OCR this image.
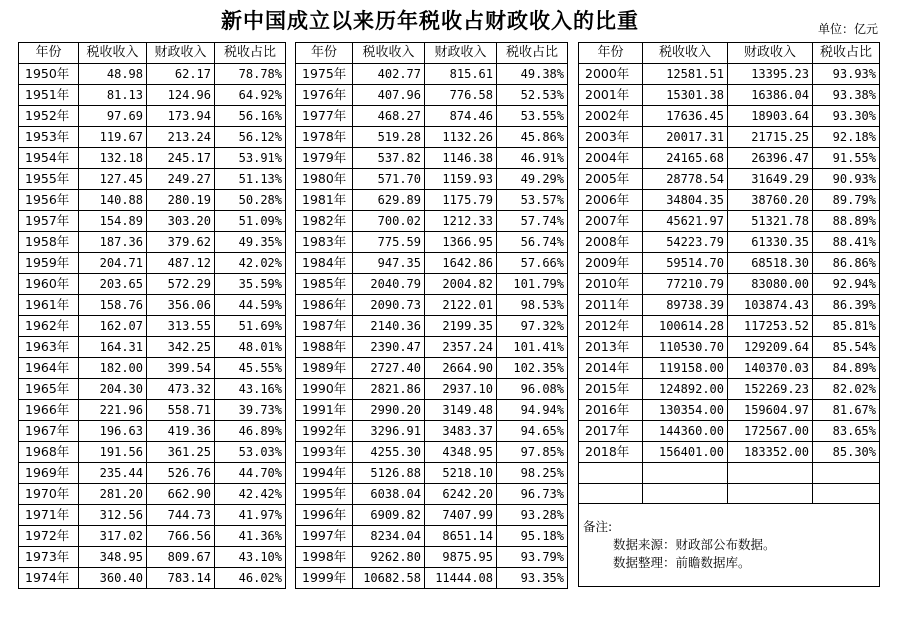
新中国成立以来历年税收占财政收入的比重	单位：亿元
年份	税收收入	财政收入	税收占比
1950年	48.98	62.17	78.78%
1951年	81.13	124.96	64.92%
1952年	97.69	173.94	56.16%
1953年	119.67	213.24	56.12%
1954年	132.18	245.17	53.91%
1955年	127.45	249.27	51.13%
1956年	140.88	280.19	50.28%
1957年	154.89	303.20	51.09%
1958年	187.36	379.62	49.35%
1959年	204.71	487.12	42.02%
1960年	203.65	572.29	35.59%
1961年	158.76	356.06	44.59%
1962年	162.07	313.55	51.69%
1963年	164.31	342.25	48.01%
1964年	182.00	399.54	45.55%
1965年	204.30	473.32	43.16%
1966年	221.96	558.71	39.73%
1967年	196.63	419.36	46.89%
1968年	191.56	361.25	53.03%
1969年	235.44	526.76	44.70%
1970年	281.20	662.90	42.42%
1971年	312.56	744.73	41.97%
1972年	317.02	766.56	41.36%
1973年	348.95	809.67	43.10%
1974年	360.40	783.14	46.02%
年份	税收收入	财政收入	税收占比
1975年	402.77	815.61	49.38%
1976年	407.96	776.58	52.53%
1977年	468.27	874.46	53.55%
1978年	519.28	1132.26	45.86%
1979年	537.82	1146.38	46.91%
1980年	571.70	1159.93	49.29%
1981年	629.89	1175.79	53.57%
1982年	700.02	1212.33	57.74%
1983年	775.59	1366.95	56.74%
1984年	947.35	1642.86	57.66%
1985年	2040.79	2004.82	101.79%
1986年	2090.73	2122.01	98.53%
1987年	2140.36	2199.35	97.32%
1988年	2390.47	2357.24	101.41%
1989年	2727.40	2664.90	102.35%
1990年	2821.86	2937.10	96.08%
1991年	2990.20	3149.48	94.94%
1992年	3296.91	3483.37	94.65%
1993年	4255.30	4348.95	97.85%
1994年	5126.88	5218.10	98.25%
1995年	6038.04	6242.20	96.73%
1996年	6909.82	7407.99	93.28%
1997年	8234.04	8651.14	95.18%
1998年	9262.80	9875.95	93.79%
1999年	10682.58	11444.08	93.35%
年份	税收收入	财政收入	税收占比
2000年	12581.51	13395.23	93.93%
2001年	15301.38	16386.04	93.38%
2002年	17636.45	18903.64	93.30%
2003年	20017.31	21715.25	92.18%
2004年	24165.68	26396.47	91.55%
2005年	28778.54	31649.29	90.93%
2006年	34804.35	38760.20	89.79%
2007年	45621.97	51321.78	88.89%
2008年	54223.79	61330.35	88.41%
2009年	59514.70	68518.30	86.86%
2010年	77210.79	83080.00	92.94%
2011年	89738.39	103874.43	86.39%
2012年	100614.28	117253.52	85.81%
2013年	110530.70	129209.64	85.54%
2014年	119158.00	140370.03	84.89%
2015年	124892.00	152269.23	82.02%
2016年	130354.00	159604.97	81.67%
2017年	144360.00	172567.00	83.65%
2018年	156401.00	183352.00	85.30%

备注:
数据来源：财政部公布数据。
数据整理：前瞻数据库。			
